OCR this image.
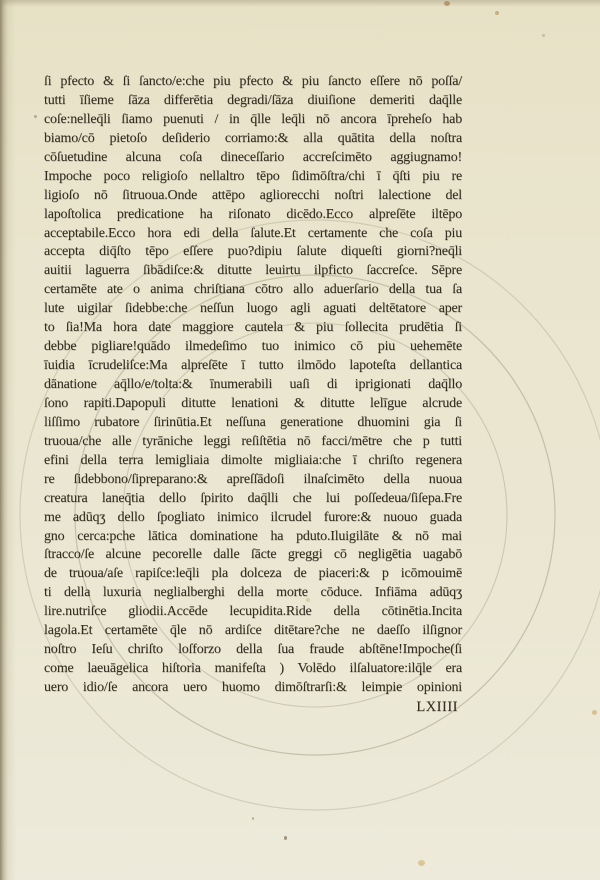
ſi pfecto & ſi ſancto/e:che piu pfecto & piu ſancto eſſere nō poſſa/
tutti īſieme ſāza differētia degradi/ſāza diuiſione demeriti daq̄lle
coſe:nelleq̄li ſiamo puenuti / in q̄lle leq̄li nō ancora īpreheſo hab
biamo/cō pietoſo deſiderio corriamo:& alla quātita della noſtra
cōſuetudine alcuna coſa dineceſſario accreſcimēto aggiugnamo!
Impoche poco religioſo nellaltro tēpo ſidimōſtra/chi ī q̄ſti piu re
ligioſo nō ſitruoua.Onde attēpo agliorecchi noſtri lalectione del
lapoſtolica predicatione ha riſonato dicēdo.Ecco alpreſēte iltēpo
acceptabile.Ecco hora edi della ſalute.Et certamente che coſa piu
accepta diq̄ſto tēpo eſſere puo?dipiu ſalute diqueſti giorni?neq̄li
auitii laguerra ſibādiſce:& ditutte leuirtu ilpficto ſaccreſce. Sēpre
certamēte ate o anima chriſtiana cōtro allo aduerſario della tua ſa
lute uigilar ſidebbe:che neſſun luogo agli aguati deltētatore aper
to ſia!Ma hora date maggiore cautela & piu ſollecita prudētia ſi
debbe pigliare!quādo ilmedeſimo tuo inimico cō piu uehemēte
īuidia īcrudeliſce:Ma alpreſēte ī tutto ilmōdo lapoteſta dellantica
dānatione aq̄llo/e/tolta:& īnumerabili uaſi di iprigionati daq̄llo
ſono rapiti.Dapopuli ditutte lenationi & ditutte lelīgue alcrude
liſſimo rubatore ſirinūtia.Et neſſuna generatione dhuomini gia ſi
truoua/che alle tyrāniche leggi reſiſtētia nō facci/mētre che p tutti
efini della terra lemigliaia dimolte migliaia:che ī chriſto regenera
re ſidebbono/ſipreparano:& apreſſādoſi ilnaſcimēto della nuoua
creatura laneq̄tia dello ſpirito daq̄lli che lui poſſedeua/ſiſepa.Fre
me adūqʒ dello ſpogliato inimico ilcrudel furore:& nuouo guada
gno cerca:pche lātica dominatione ha pduto.Iluigilāte & nō mai
ſtracco/ſe alcune pecorelle dalle ſācte greggi cō negligētia uagabō
de truoua/aſe rapiſce:leq̄li pla dolceza de piaceri:& p icōmouimē
ti della luxuria neglialberghi della morte cōduce. Infiāma adūqʒ
lire.nutriſce gliodii.Accēde lecupidita.Ride della cōtinētia.Incita
lagola.Et certamēte q̄le nō ardiſce ditētare?che ne daeſſo ilſignor
noſtro Ieſu chriſto loſforzo della ſua fraude abſtēne!Impoche(ſi
come laeuāgelica hiſtoria manifeſta ) Volēdo ilſaluatore:ilq̄le era
uero idio/ſe ancora uero huomo dimōſtrarſi:& leimpie opinioni
LXIIII
